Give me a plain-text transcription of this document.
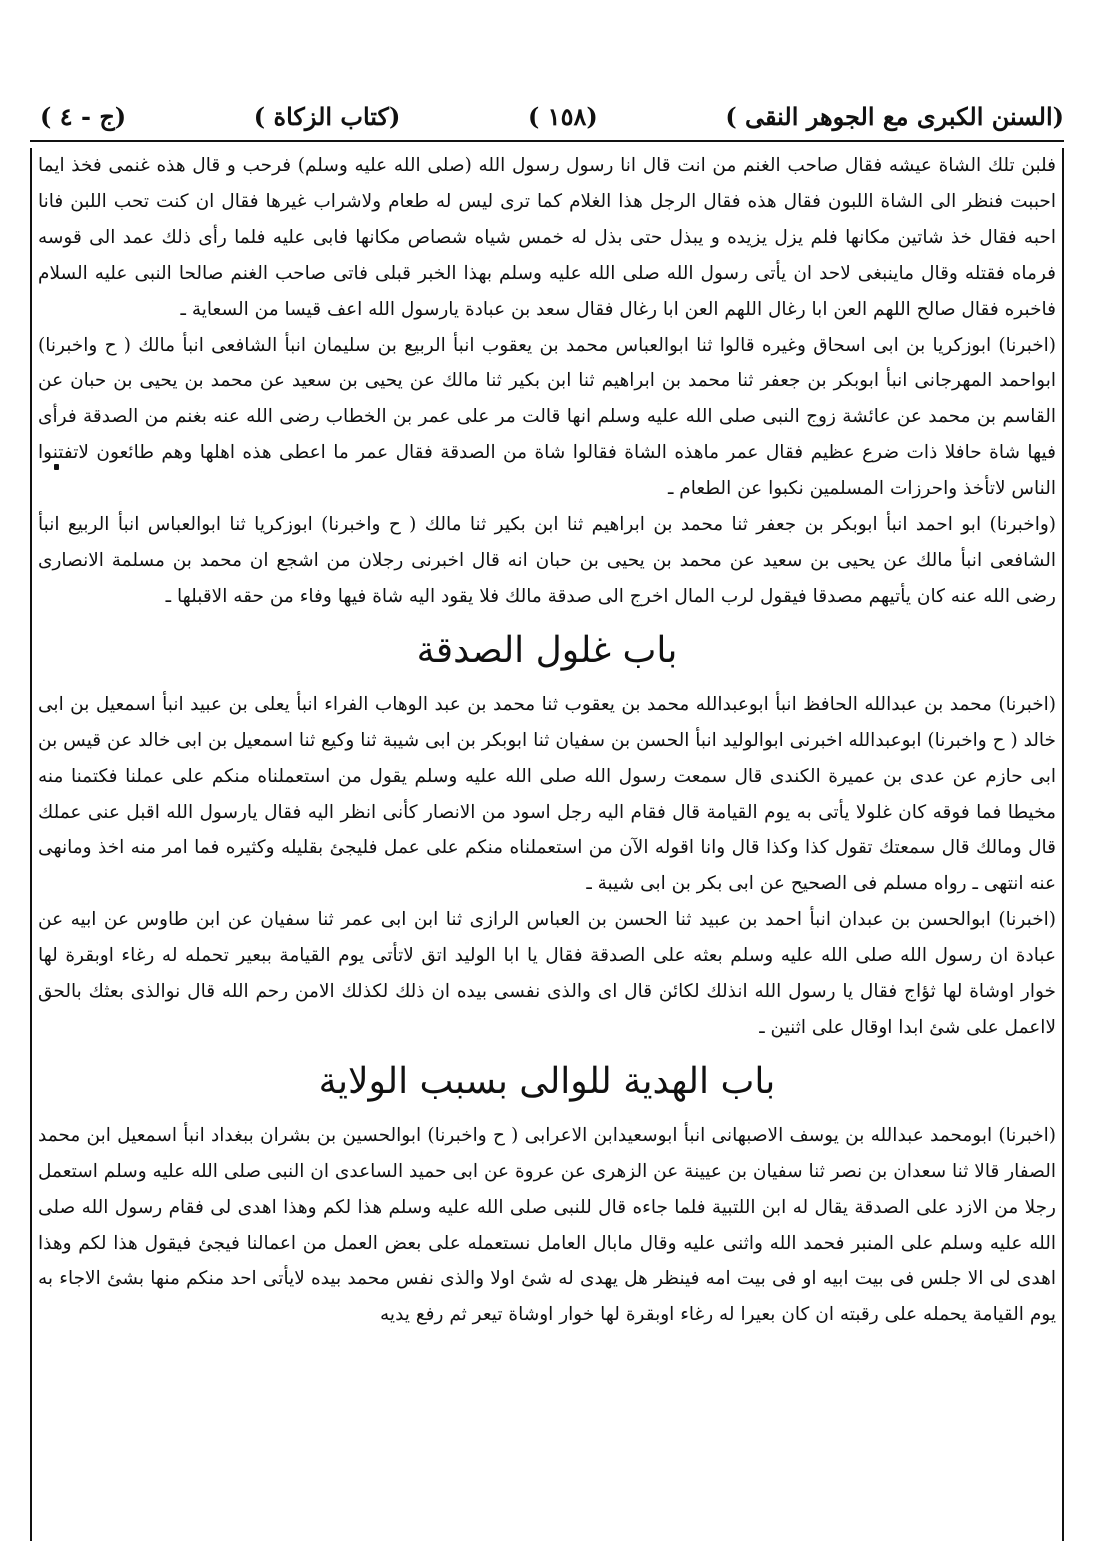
(السنن الكبرى مع الجوهر النقى )
(١٥٨ )
(كتاب الزكاة )
(ج - ٤ )

فلبن تلك الشاة عيشه فقال صاحب الغنم من انت قال انا رسول رسول الله (صلى الله عليه وسلم) فرحب و قال هذه غنمى فخذ ايما احببت فنظر الى الشاة اللبون فقال هذه فقال الرجل هذا الغلام كما ترى ليس له طعام ولاشراب غيرها فقال ان كنت تحب اللبن فانا احبه فقال خذ شاتين مكانها فلم يزل يزيده و يبذل حتى بذل له خمس شياه شصاص مكانها فابى عليه فلما رأى ذلك عمد الى قوسه فرماه فقتله وقال ماينبغى لاحد ان يأتى رسول الله صلى الله عليه وسلم بهذا الخبر قبلى فاتى صاحب الغنم صالحا النبى عليه السلام فاخبره فقال صالح اللهم العن ابا رغال اللهم العن ابا رغال فقال سعد بن عبادة يارسول الله اعف قيسا من السعاية ـ

(اخبرنا) ابوزكريا بن ابى اسحاق وغيره قالوا ثنا ابوالعباس محمد بن يعقوب انبأ الربيع بن سليمان انبأ الشافعى انبأ مالك ( ح واخبرنا) ابواحمد المهرجانى انبأ ابوبكر بن جعفر ثنا محمد بن ابراهيم ثنا ابن بكير ثنا مالك عن يحيى بن سعيد عن محمد بن يحيى بن حبان عن القاسم بن محمد عن عائشة زوج النبى صلى الله عليه وسلم انها قالت مر على عمر بن الخطاب رضى الله عنه بغنم من الصدقة فرأى فيها شاة حافلا ذات ضرع عظيم فقال عمر ماهذه الشاة فقالوا شاة من الصدقة فقال عمر ما اعطى هذه اهلها وهم طائعون لاتفتنوا الناس لاتأخذ واحرزات المسلمين نكبوا عن الطعام ـ

(واخبرنا) ابو احمد انبأ ابوبكر بن جعفر ثنا محمد بن ابراهيم ثنا ابن بكير ثنا مالك ( ح واخبرنا) ابوزكريا ثنا ابوالعباس انبأ الربيع انبأ الشافعى انبأ مالك عن يحيى بن سعيد عن محمد بن يحيى بن حبان انه قال اخبرنى رجلان من اشجع ان محمد بن مسلمة الانصارى رضى الله عنه كان يأتيهم مصدقا فيقول لرب المال اخرج الى صدقة مالك فلا يقود اليه شاة فيها وفاء من حقه الاقبلها ـ

باب غلول الصدقة

(اخبرنا) محمد بن عبدالله الحافظ انبأ ابوعبدالله محمد بن يعقوب ثنا محمد بن عبد الوهاب الفراء انبأ يعلى بن عبيد انبأ اسمعيل بن ابى خالد ( ح واخبرنا) ابوعبدالله اخبرنى ابوالوليد انبأ الحسن بن سفيان ثنا ابوبكر بن ابى شيبة ثنا وكيع ثنا اسمعيل بن ابى خالد عن قيس بن ابى حازم عن عدى بن عميرة الكندى قال سمعت رسول الله صلى الله عليه وسلم يقول من استعملناه منكم على عملنا فكتمنا منه مخيطا فما فوقه كان غلولا يأتى به يوم القيامة قال فقام اليه رجل اسود من الانصار كأنى انظر اليه فقال يارسول الله اقبل عنى عملك قال ومالك قال سمعتك تقول كذا وكذا قال وانا اقوله الآن من استعملناه منكم على عمل فليجئ بقليله وكثيره فما امر منه اخذ ومانهى عنه انتهى ـ رواه مسلم فى الصحيح عن ابى بكر بن ابى شيبة ـ

(اخبرنا) ابوالحسن بن عبدان انبأ احمد بن عبيد ثنا الحسن بن العباس الرازى ثنا ابن ابى عمر ثنا سفيان عن ابن طاوس عن ابيه عن عبادة ان رسول الله صلى الله عليه وسلم بعثه على الصدقة فقال يا ابا الوليد اتق لاتأتى يوم القيامة ببعير تحمله له رغاء اوبقرة لها خوار اوشاة لها ثؤاج فقال يا رسول الله انذلك لكائن قال اى والذى نفسى بيده ان ذلك لكذلك الامن رحم الله قال نوالذى بعثك بالحق لااعمل على شئ ابدا اوقال على اثنين ـ

باب الهدية للوالى بسبب الولاية

(اخبرنا) ابومحمد عبدالله بن يوسف الاصبهانى انبأ ابوسعيدابن الاعرابى ( ح واخبرنا) ابوالحسين بن بشران ببغداد انبأ اسمعيل ابن محمد الصفار قالا ثنا سعدان بن نصر ثنا سفيان بن عيينة عن الزهرى عن عروة عن ابى حميد الساعدى ان النبى صلى الله عليه وسلم استعمل رجلا من الازد على الصدقة يقال له ابن اللتبية فلما جاءه قال للنبى صلى الله عليه وسلم هذا لكم وهذا اهدى لى فقام رسول الله صلى الله عليه وسلم على المنبر فحمد الله واثنى عليه وقال مابال العامل نستعمله على بعض العمل من اعمالنا فيجئ فيقول هذا لكم وهذا اهدى لى الا جلس فى بيت ابيه او فى بيت امه فينظر هل يهدى له شئ اولا والذى نفس محمد بيده لايأتى احد منكم منها بشئ الاجاء به يوم القيامة يحمله على رقبته ان كان بعيرا له رغاء اوبقرة لها خوار اوشاة تيعر ثم رفع يديه
